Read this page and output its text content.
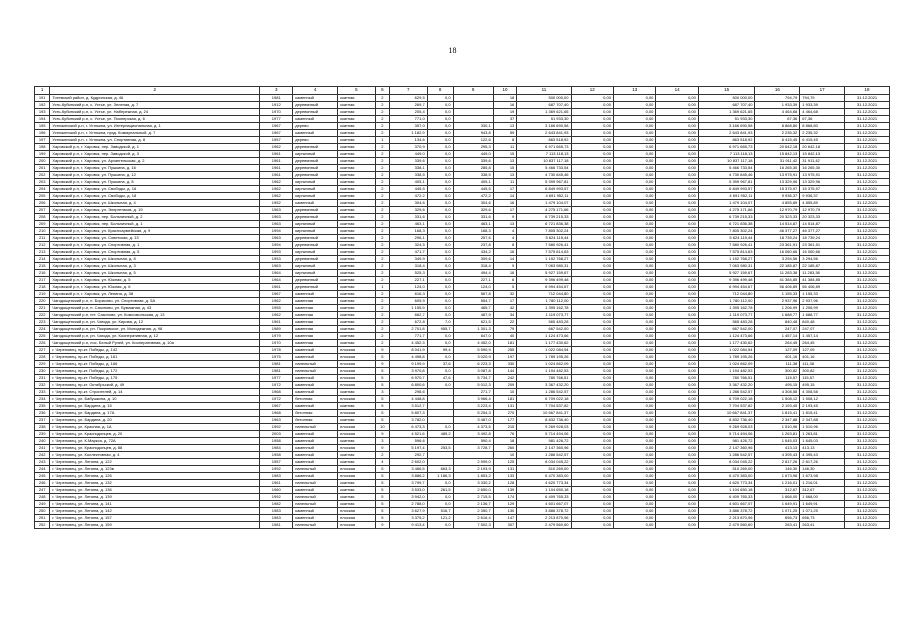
18
1	2	3	4	5	6	7	8	9	10	11	12	13	14	15	16	17	18
191	Тотемский район, д. Кудринская, д. 46	1981	каменный	скатная	2	629,5	0,0		18	500 000,00	0,00	0,00	0,00	500 000,00	794,79	794,79	31.12.2021
192	Усть-Кубинский р-н, с. Устье, ул. Зеленая, д. 7	1912	деревянный	скатная	2	269,7	0,0		16	687 707,40	0,00	0,00	0,00	687 707,40	1 933,39	1 933,39	31.12.2021
193	Усть-Кубинский р-н, с. Устье, ул. Набережная, д. 24	1970	деревянный	скатная	2	205,4	0,0		19	1 369 621,65	0,00	0,00	0,00	1 369 621,65	4 464,68	4 464,68	31.12.2021
194	Усть-Кубинский р-н, с. Устье, ул. Пионерская, д. 6	1977	каменный	скатная	2	771,0	0,0		37	51 933,30	0,00	0,00	0,00	51 933,30	67,36	67,36	31.12.2021
195	Устюженский р-н, г. Устюжна, ул. Интернациональная, д. 1	1967	дерево	скатная	2	357,0	0,0	330,1	13	3 166 690,58	0,00	0,00	0,00	3 166 690,58	8 868,80	8 868,80	31.12.2021
196	Устюженский р-н, г. Устюжна, прзд. Коммунальный, д. 7	1967	каменный	скатная	2	1 182,9	0,0	943,8	59	2 643 841,93	0,00	0,00	0,00	2 643 841,93	2 235,32	2 235,32	31.12.2021
197	Устюженский р-н, г. Устюжна, ул. Спортивная, д. 8	1957	дерево	скатная	1	134,6	0,0	122,6	8	863 518,92	0,00	0,00	0,00	863 518,92	6 415,45	6 415,45	31.12.2021
198	Харовский р-н, г. Харовск, пер. Заводской, д. 1	1962	деревянный	скатная	2	370,9	0,0	295,3	11	6 971 665,73	0,00	0,00	0,00	6 971 665,73	20 642,18	20 642,18	31.12.2021
199	Харовский р-н, г. Харовск, пер. Заводской, д. 3	1961	кирпичный	скатная	2	449,0	0,0	449,0	15	7 113 118,13	0,00	0,00	0,00	7 113 118,13	15 842,13	15 842,13	31.12.2021
200	Харовский р-н, г. Харовск, ул. Архангельская, д. 2	1961	деревянный	скатная	2	339,6	0,0	339,6	13	10 837 117,18	0,00	0,00	0,00	10 837 117,18	31 911,42	31 911,42	31.12.2021
201	Харовский р-н, г. Харовск, ул. Пушкина, д. 16	1961	деревянный	скатная	2	338,1	0,0	285,8	15	5 466 733,54	0,00	0,00	0,00	5 466 733,54	16 265,30	16 265,30	31.12.2021
202	Харовский р-н, г. Харовск, ул. Пушкина, д. 12	1961	деревянный	скатная	2	338,5	0,0	338,5	13	4 730 845,46	0,00	0,00	0,00	4 730 845,46	13 975,91	13 975,91	31.12.2021
203	Харовский р-н, г. Харовск, ул. Пушкина, д. 8	1962	кирпичный	скатная	2	405,1	0,0	405,1	11	5 399 967,81	0,00	0,00	0,00	5 399 967,81	13 329,96	13 329,96	31.12.2021
204	Харовский р-н, г. Харовск, ул. Свободы, д. 16	1962	кирпичный	скатная	2	445,5	0,0	445,5	17	6 849 993,57	0,00	0,00	0,00	6 849 993,57	15 375,97	15 375,97	31.12.2021
205	Харовский р-н, г. Харовск, ул. Свободы, д. 18	1962	кирпичный	скатная	2	472,2	0,0	472,2	14	4 691 952,11	0,00	0,00	0,00	4 691 952,11	9 936,37	9 936,37	31.12.2021
206	Харовский р-н, г. Харовск, ул. Школьная, д. 4	1952	каменный	скатная	2	304,6	0,0	304,6	16	1 479 104,07	0,00	0,00	0,00	1 479 104,07	4 855,89	4 855,89	31.12.2021
207	Харовский р-н, г. Харовск, ул. Энергетиков, д. 19	1963	деревянный	скатная	2	329,6	0,0	329,6	17	4 275 171,66	0,00	0,00	0,00	4 275 171,66	12 970,79	12 970,79	31.12.2021
208	Харовский р-н, г. Харовск, пер. Больничный, д. 2	1963	деревянный	скатная	2	331,6	0,0	331,6	9	6 739 215,33	0,00	0,00	0,00	6 739 215,33	20 323,33	20 323,33	31.12.2021
209	Харовский р-н, г. Харовск, пер. Больничный, д. 1	1963	кирпичный	скатная	2	463,1	0,0	463,1	13	6 721 836,38	0,00	0,00	0,00	6 721 836,38	14 514,87	14 514,87	31.12.2021
210	Харовский р-н, г. Харовск, ул. Красноармейская, д. 9	1994	кирпичный	скатная	2	168,3	0,0	168,3	4	7 805 302,24	0,00	0,00	0,00	7 805 302,24	46 377,27	46 377,27	31.12.2021
211	Харовский р-н, г. Харовск, ул. Советская, д. 13	1963	деревянный	скатная	2	296,1	0,0	257,6	4	5 624 115,44	0,00	0,00	0,00	5 624 115,44	18 739,24	18 739,24	31.12.2021
212	Харовский р-н, г. Харовск, ул. Спортивная, д. 1	1994	деревянный	скатная	2	324,5	0,0	237,8	8	7 580 926,41	0,00	0,00	0,00	7 580 926,41	23 361,91	23 361,91	31.12.2021
213	Харовский р-н, г. Харовск, ул. Спортивная, д. 5	1993	кирпичный	скатная	2	471,7	0,0	434,2	16	7 575 814,63	0,00	0,00	0,00	7 575 814,63	16 060,66	16 060,66	31.12.2021
214	Харовский р-н, г. Харовск, ул. Школьная, д. 8	1953	деревянный	скатная	2	349,9	0,0	309,6	14	1 152 768,27	0,00	0,00	0,00	1 152 768,27	3 294,56	3 294,56	31.12.2021
215	Харовский р-н, г. Харовск, ул. Школьная, д. 3	1963	кирпичный	скатная	2	318,4	0,0	318,4	9	7 063 980,31	0,00	0,00	0,00	7 063 980,31	22 185,87	22 185,87	31.12.2021
216	Харовский р-н, г. Харовск, ул. Школьная, д. 5	1964	кирпичный	скатная	2	525,3	0,0	494,4	16	5 927 159,67	0,00	0,00	0,00	5 927 159,67	11 283,38	11 283,38	31.12.2021
217	Харовский р-н, г. Харовск, ул. Южная, д. 5	1964	деревянный	скатная	2	227,1	0,0	227,1	6	9 396 499,48	0,00	0,00	0,00	9 396 499,48	41 384,85	41 384,85	31.12.2021
218	Харовский р-н, г. Харовск, ул. Южная, д. 6	1961	деревянный	скатная	1	124,0	0,0	124,0	5	6 994 454,67	0,00	0,00	0,00	6 994 454,67	56 406,89	56 406,89	31.12.2021
219	Харовский р-н, г. Харовск, ул. Ленина, д. 38	1967	каменный	скатная	2	616,3	0,0	567,8	32	712 044,80	0,00	0,00	0,00	712 044,80	1 155,33	1 155,33	31.12.2021
220	Чагодощенский р-н, п. Борисово, ул. Спортивная, д. 5А	1962	каменная	скатная	2	605,9	0,0	554,7	17	1 780 112,00	0,00	0,00	0,00	1 780 112,00	2 937,96	2 937,96	31.12.2021
221	Чагодощенский р-н, п. Сазоново, ул. Бумажная, д. 43	1955	каменная	скатная	2	1 155,9	0,0	465,7	42	1 395 162,78	0,00	0,00	0,00	1 395 162,78	1 206,99	1 206,99	31.12.2021
222	Чагодощенский р-н, пгт. Сазоново, ул. Комсомольская, д. 13	1962	каменная	скатная	2	662,7	0,0	487,9	34	1 119 073,77	0,00	0,00	0,00	1 119 073,77	1 688,77	1 688,77	31.12.2021
223	Чагодощенский р-н, рп. Чагода, ул. Кирова, д. 12	1961	каменная	скатная	2	672,8	7,0	621,5	22	565 483,28	0,00	0,00	0,00	565 483,28	840,48	840,48	31.12.2021
224	Чагодощенский р-н, рп. Покровское, ул. Молодежная, д. 98	1989	каменная	скатная	2	2 701,8	955,7	1 301,3	79	667 542,00	0,00	0,00	0,00	667 542,00	247,07	247,07	31.12.2021
225	Чагодощенский р-н, рп. Чагода, ул. Кооперативная, д. 12	1979	каменная	скатная	2	771,7	0,0	647,0	40	1 124 473,66	0,00	0,00	0,00	1 124 473,66	1 457,14	1 457,14	31.12.2021
226	Чагодощенский р-н, пос. Белый Ручей, ул. Кооперативная, д. 10а	1970	каменная	скатная	2	4 452,3	0,0	4 452,0	181	1 177 430,62	0,00	0,00	0,00	1 177 430,62	264,45	264,45	31.12.2021
227	г. Череповец, пр-кт. Победы, д. 142	1978	каменный	плоская	9	8 041,9	99,4	5 590,9	255	1 022 084,54	0,00	0,00	0,00	1 022 084,54	127,09	127,09	31.12.2021
228	г. Череповец, пр-кт. Победы, д. 161	1975	каменный	плоская	5	4 498,8	0,0	3 020,9	197	1 789 195,26	0,00	0,00	0,00	1 789 195,26	401,16	401,16	31.12.2021
229	г. Череповец, пр-кт. Победы, д. 166	1981	панельный	плоская	9	9 199,9	37,6	6 223,3	330	1 024 662,09	0,00	0,00	0,00	1 024 662,09	111,38	111,38	31.12.2021
230	г. Череповец, пр-кт. Победы, д. 172	1981	панельный	плоская	5	3 970,8	0,0	3 087,8	144	1 194 482,53	0,00	0,00	0,00	1 194 482,53	300,82	300,82	31.12.2021
231	г. Череповец, пр-кт. Победы, д. 175	1977	каменный	плоская	5	6 970,7	47,6	5 734,7	242	780 766,51	0,00	0,00	0,00	780 766,51	115,57	115,57	31.12.2021
232	г. Череповец, пр-кт. Октябрьский, д. 49	1972	каменный	плоская	5	6 800,6	0,0	5 012,3	209	3 367 432,20	0,00	0,00	0,00	3 367 432,20	495,15	495,15	31.12.2021
233	г. Череповец, пр-кт. Строителей, д. 14	1968	каменный	скатная	3	298,6		271,7	10	1 286 542,57	0,00	0,00	0,00	1 286 542,57	4 308,58	4 308,58	31.12.2021
234	г. Череповец, ул. Бабушкина, д. 10	1972	бетонная	плоская	5	4 448,8		3 966,4	181	6 709 022,18	0,00	0,00	0,00	6 709 022,18	1 508,12	1 508,12	31.12.2021
235	г. Череповец, ул. Бардина, д. 15	1967	каменный	скатная	5	3 512,7		3 223,4	131	7 704 537,82	0,00	0,00	0,00	7 704 537,82	2 193,45	2 193,45	31.12.2021
236	г. Череповец, ул. Бардина, д. 17А	1968	бетонная	плоская	5	5 807,3		5 254,3	270	10 667 841,37	0,00	0,00	0,00	10 667 841,37	1 815,41	1 815,41	31.12.2021
237	г. Череповец, ул. Бардина, д. 20	1963	бетонная	скатная	5	3 782,0		3 487,0	177	8 832 736,40	0,00	0,00	0,00	8 832 736,40	2 347,88	2 347,88	31.12.2021
238	г. Череповец, ул. Красная, д. 1А	1992	панельный	плоская	10	6 473,3	0,0	4 373,5	215	9 269 928,03	0,00	0,00	0,00	9 269 928,03	1 510,96	1 510,96	31.12.2021
239	г. Череповец, ул. Краснодонцев, д. 20	2003	каменный	плоская	9	4 521,6	489,2	3 492,8	76	5 714 494,06	0,00	0,00	0,00	5 714 494,06	1 263,81	1 263,81	31.12.2021
240	г. Череповец, ул. К.Маркса, д. 72А	1958	каменный	скатная	3	596,6		590,4	18	981 426,72	0,00	0,00	0,00	981 426,72	1 645,03	1 645,03	31.12.2021
241	г. Череповец, ул. Краснодонцев, д. 88	1984	каменный	плоская	9	5 197,4	253,5	3 728,7	260	2 147 360,96	0,00	0,00	0,00	2 147 360,96	413,13	413,13	31.12.2021
242	г. Череповец, ул. Коллективная, д. 4	1958	каменный	скатная	2	292,7			10	1 286 542,57	0,00	0,00	0,00	1 286 542,57	4 395,43	4 395,43	31.12.2021
243	г. Череповец, ул. Ленина, д. 122	1957	каменный	скатная	4	2 602,0		2 599,0	125	8 034 045,22	0,00	0,00	0,00	8 034 045,22	2 817,26	2 817,26	31.12.2021
244	г. Череповец, ул. Ленина, д. 123в	1992	панельный	плоская	5	3 466,5	663,3	2 193,9	131	510 269,00	0,00	0,00	0,00	510 269,00	146,30	146,30	31.12.2021
245	г. Череповец, ул. Ленина, д. 126	1983	каменный	плоская	5	3 886,2	1 186,3	1 853,2	133	6 470 383,00	0,00	0,00	0,00	6 470 383,00	1 673,98	1 673,98	31.12.2021
246	г. Череповец, ул. Ленина, д. 132	1961	панельный	скатная	5	3 799,7	0,0	3 330,2	128	4 620 773,34	0,00	0,00	0,00	4 620 773,34	1 216,01	1 216,01	31.12.2021
247	г. Череповец, ул. Ленина, д. 136	1960	каменный	скатная	5	3 533,0	261,5	2 650,0	139	1 104 650,18	0,00	0,00	0,00	1 104 650,18	312,67	312,67	31.12.2021
248	г. Череповец, ул. Ленина, д. 139	1992	панельный	скатная	5	3 942,0	0,0	2 715,5	174	6 409 765,33	0,00	0,00	0,00	6 409 765,33	1 668,00	1 668,00	31.12.2021
249	г. Череповец, ул. Ленина, д. 141	1982	панельный	скатная	5	2 788,0	0,0	2 136,7	129	4 601 667,07	0,00	0,00	0,00	4 601 667,07	1 649,91	1 649,91	31.12.2021
250	г. Череповец, ул. Ленина, д. 142	1983	каменный	плоская	5	3 627,9	516,7	2 350,7	130	3 886 378,72	0,00	0,00	0,00	3 886 378,72	1 071,25	1 071,25	31.12.2021
251	г. Череповец, ул. Ленина, д. 157	1983	каменный	плоская	5	3 375,2	121,2	2 616,4	147	2 213 870,96	0,00	0,00	0,00	2 213 870,96	656,73	656,73	31.12.2021
252	г. Череповец, ул. Ленина, д. 159	1981	панельный	плоская	9	9 413,4	0,0	7 502,3	307	2 479 560,60	0,00	0,00	0,00	2 479 560,60	263,41	263,41	31.12.2021
